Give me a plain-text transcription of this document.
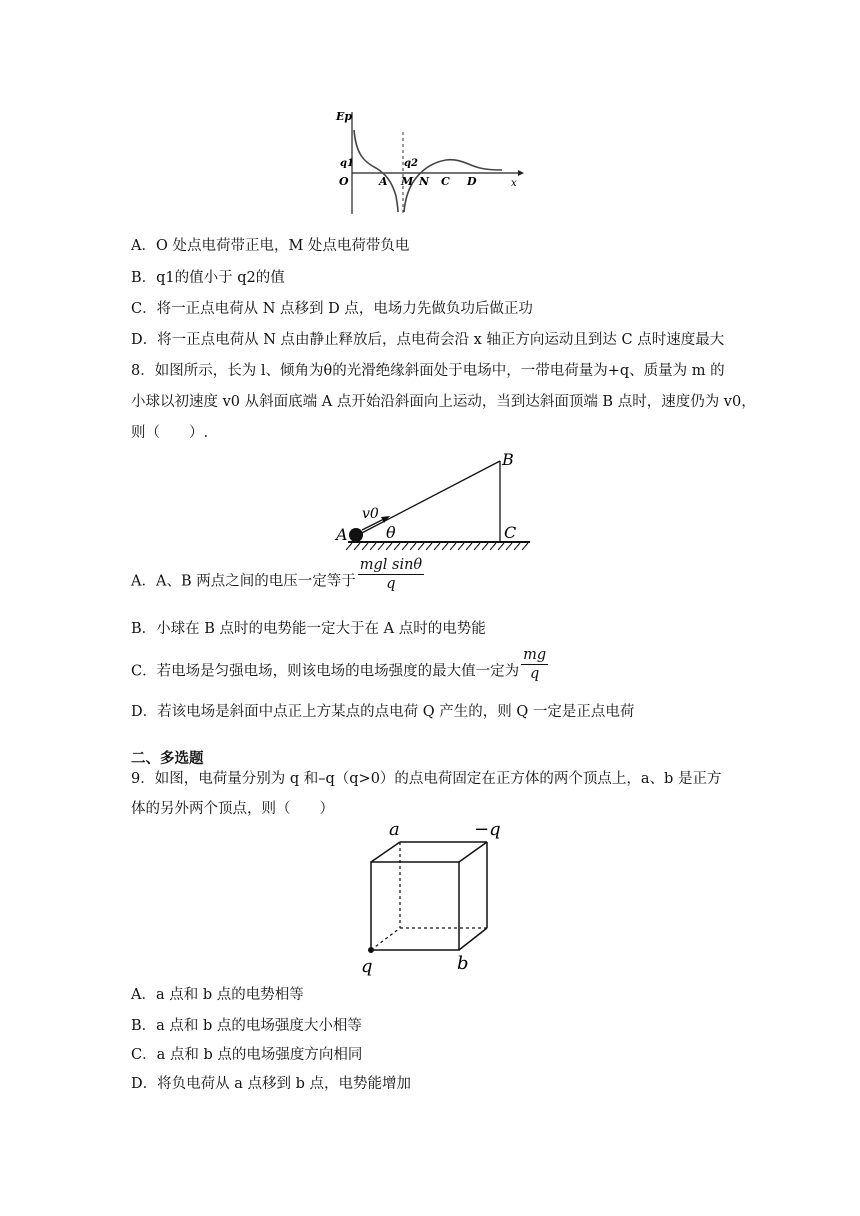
Ep
x
q1	q2
O	A M N C D
A．O 处点电荷带正电，M 处点电荷带负电
B．q1的值小于 q2的值
C．将一正点电荷从 N 点移到 D 点，电场力先做负功后做正功
D．将一正点电荷从 N 点由静止释放后，点电荷会沿 x 轴正方向运动且到达 C 点时速度最大
8．如图所示，长为 l、倾角为θ的光滑绝缘斜面处于电场中，一带电荷量为+q、质量为 m 的
小球以初速度 v0 从斜面底端 A 点开始沿斜面向上运动，当到达斜面顶端 B 点时，速度仍为 v0，
则（　　）.
A
B
C
v0
θ
A．A、B 两点之间的电压一定等于 $\frac{\text{mgl sinθ}}{q}$
B．小球在 B 点时的电势能一定大于在 A 点时的电势能
C．若电场是匀强电场，则该电场的电场强度的最大值一定为 $\frac{mg}{q}$
D．若该电场是斜面中点正上方某点的点电荷 Q 产生的，则 Q 一定是正点电荷
二、多选题
9．如图，电荷量分别为 q 和–q（q>0）的点电荷固定在正方体的两个顶点上，a、b 是正方
体的另外两个顶点，则（　　）
a	−q
q	b
A．a 点和 b 点的电势相等
B．a 点和 b 点的电场强度大小相等
C．a 点和 b 点的电场强度方向相同
D．将负电荷从 a 点移到 b 点，电势能增加
